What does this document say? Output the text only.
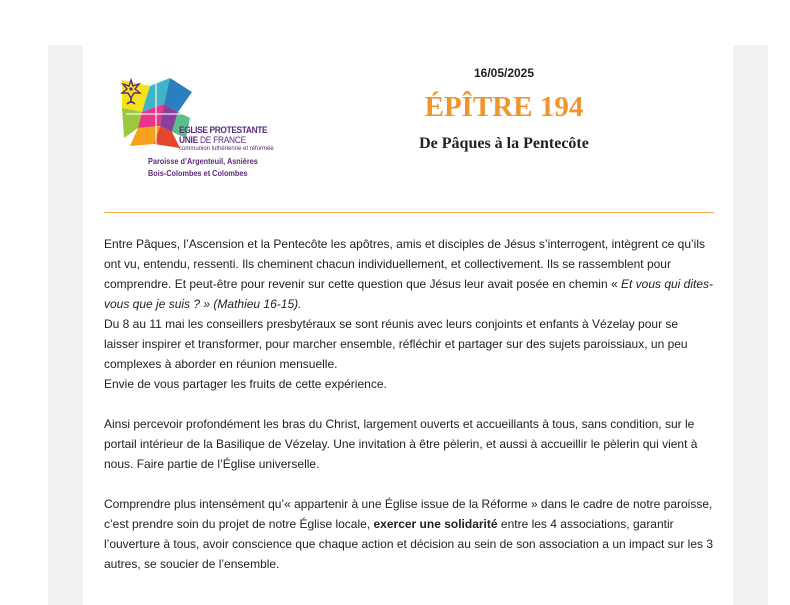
EGLISE PROTESTANTE
UNIE DE FRANCE
communion luthérienne et réformée
Paroisse d’Argenteuil, Asnières
Bois-Colombes et Colombes
16/05/2025
ÉPÎTRE 194
De Pâques à la Pentecôte

Entre Pâques, l’Ascension et la Pentecôte les apôtres, amis et disciples de Jésus s’interrogent, intègrent ce qu’ils ont vu, entendu, ressenti. Ils cheminent chacun individuellement, et collectivement. Ils se rassemblent pour comprendre. Et peut-être pour revenir sur cette question que Jésus leur avait posée en chemin « Et vous qui dites-vous que je suis ? » (Mathieu 16-15).

Du 8 au 11 mai les conseillers presbytéraux se sont réunis avec leurs conjoints et enfants à Vézelay pour se laisser inspirer et transformer, pour marcher ensemble, réfléchir et partager sur des sujets paroissiaux, un peu complexes à aborder en réunion mensuelle.

Envie de vous partager les fruits de cette expérience.

Ainsi percevoir profondément les bras du Christ, largement ouverts et accueillants à tous, sans condition, sur le portail intérieur de la Basilique de Vézelay. Une invitation à être pèlerin, et aussi à accueillir le pèlerin qui vient à nous. Faire partie de l’Église universelle.

Comprendre plus intensément qu’« appartenir à une Église issue de la Réforme » dans le cadre de notre paroisse, c’est prendre soin du projet de notre Église locale, exercer une solidarité entre les 4 associations, garantir l’ouverture à tous, avoir conscience que chaque action et décision au sein de son association a un impact sur les 3 autres, se soucier de l’ensemble.
